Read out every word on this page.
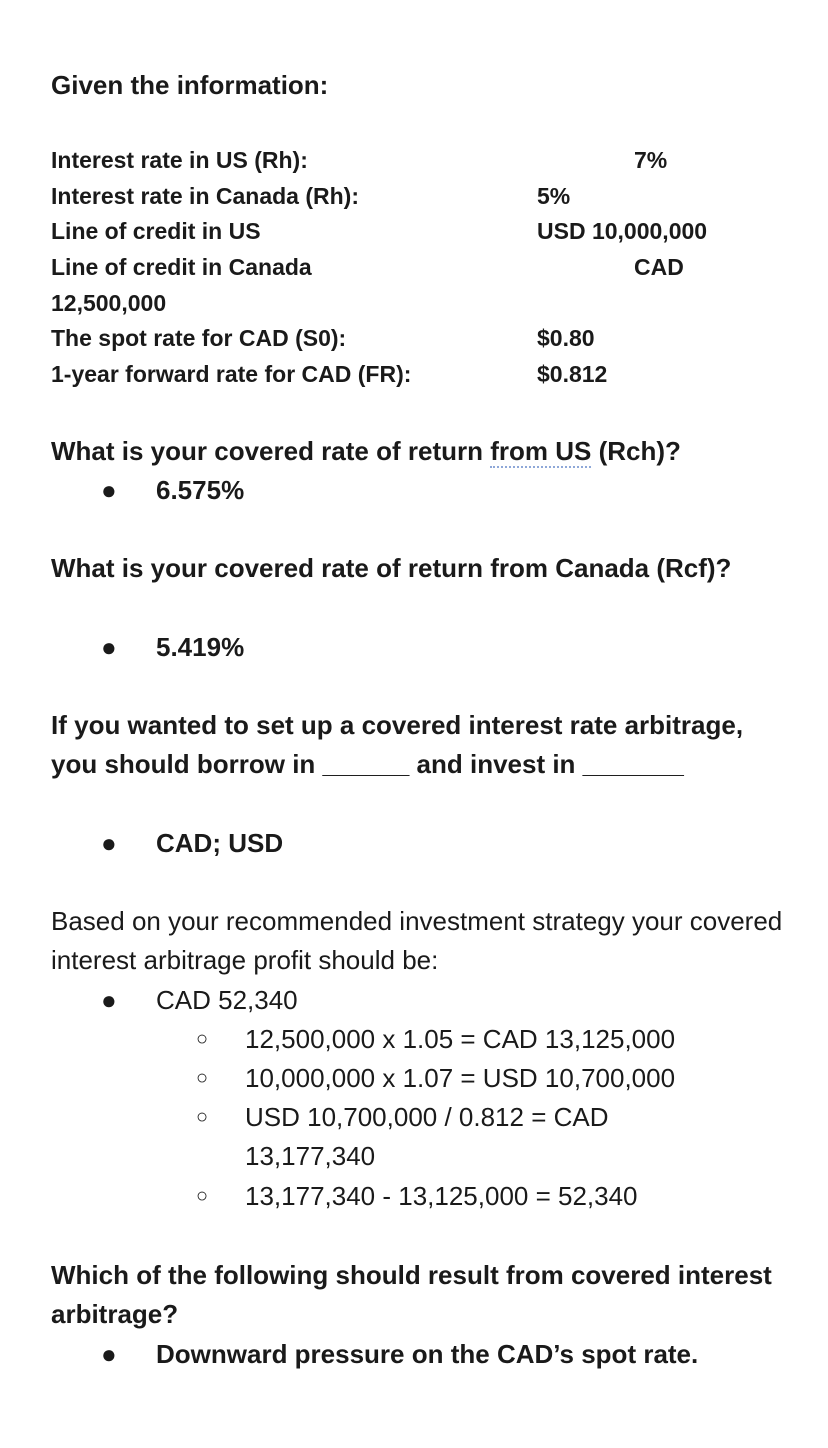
Given the information:
Interest rate in US (Rh):	7%
Interest rate in Canada (Rh):	5%
Line of credit in US	USD 10,000,000
Line of credit in Canada	CAD
12,500,000
The spot rate for CAD (S0):	$0.80
1-year forward rate for CAD (FR):	$0.812

What is your covered rate of return from US (Rch)?

● 6.575%

What is your covered rate of return from Canada (Rcf)?

● 5.419%

If you wanted to set up a covered interest rate arbitrage, you should borrow in ______ and invest in _______

● CAD; USD

Based on your recommended investment strategy your covered interest arbitrage profit should be:

● CAD 52,340
○ 12,500,000 x 1.05 = CAD 13,125,000
○ 10,000,000 x 1.07 = USD 10,700,000
○ USD 10,700,000 / 0.812 = CAD 13,177,340
○ 13,177,340 - 13,125,000 = 52,340

Which of the following should result from covered interest arbitrage?

● Downward pressure on the CAD’s spot rate.
